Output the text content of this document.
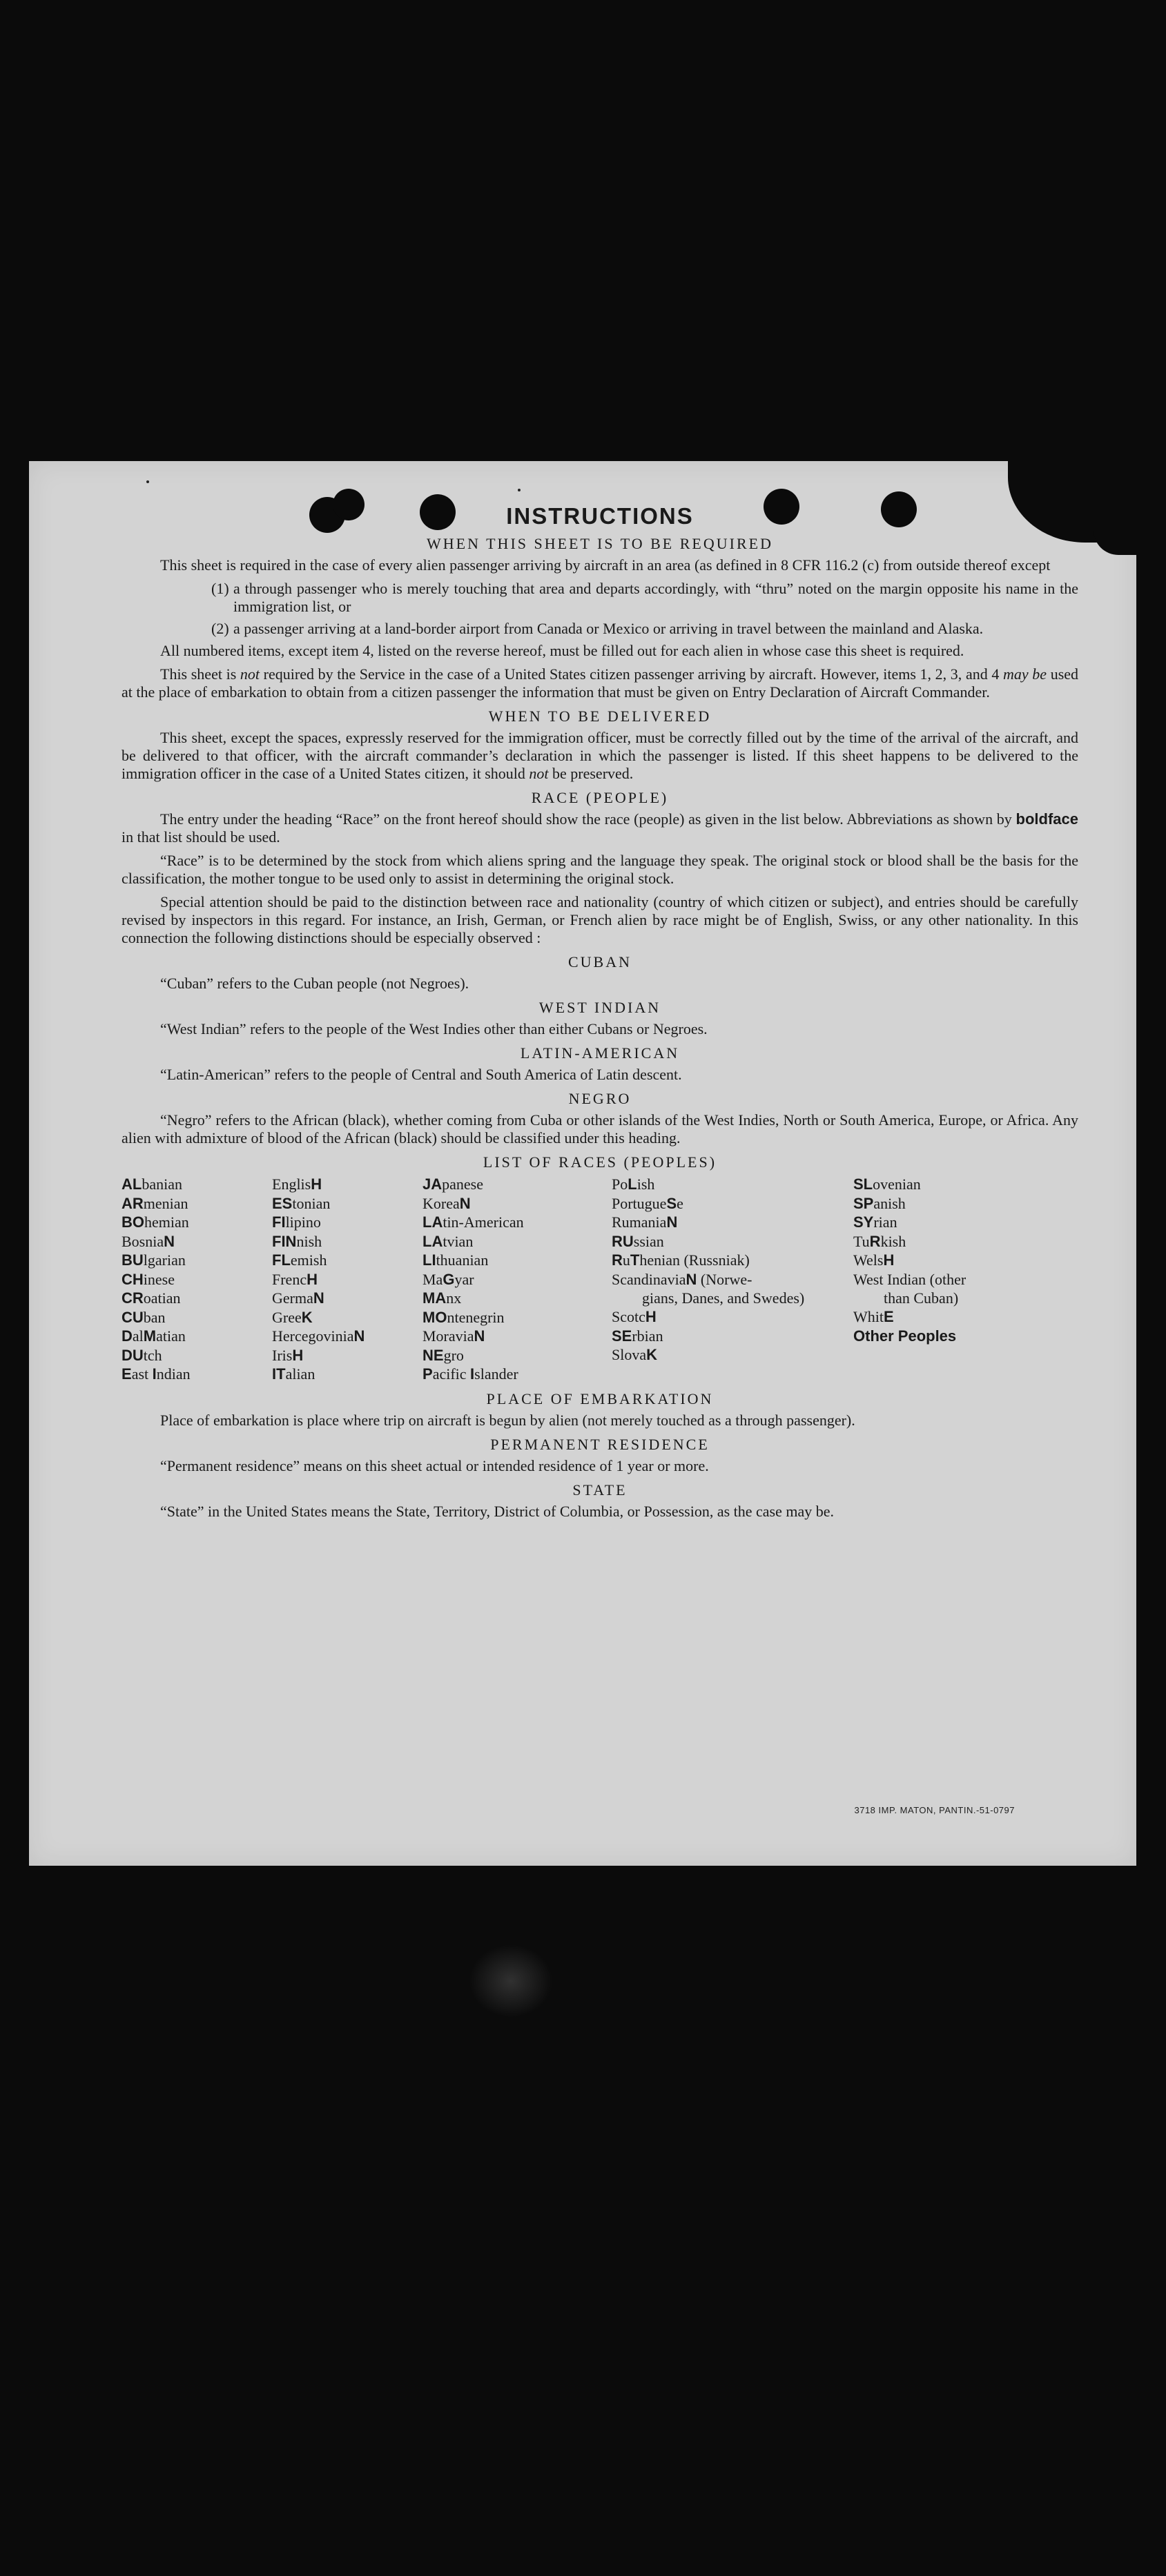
INSTRUCTIONS
WHEN THIS SHEET IS TO BE REQUIRED

This sheet is required in the case of every alien passenger arriving by aircraft in an area (as defined in 8 CFR 116.2 (c) from outside thereof except

(1) a through passenger who is merely touching that area and departs accordingly, with “thru” noted on the margin opposite his name in the immigration list, or
(2) a passenger arriving at a land-border airport from Canada or Mexico or arriving in travel between the mainland and Alaska.

All numbered items, except item 4, listed on the reverse hereof, must be filled out for each alien in whose case this sheet is required.

This sheet is not required by the Service in the case of a United States citizen passenger arriving by aircraft. However, items 1, 2, 3, and 4 may be used at the place of embarkation to obtain from a citizen passenger the information that must be given on Entry Declaration of Aircraft Commander.

WHEN TO BE DELIVERED

This sheet, except the spaces, expressly reserved for the immigration officer, must be correctly filled out by the time of the arrival of the aircraft, and be delivered to that officer, with the aircraft commander’s declaration in which the passenger is listed. If this sheet happens to be delivered to the immigration officer in the case of a United States citizen, it should not be preserved.

RACE (PEOPLE)

The entry under the heading “Race” on the front hereof should show the race (people) as given in the list below. Abbreviations as shown by boldface in that list should be used.

“Race” is to be determined by the stock from which aliens spring and the language they speak. The original stock or blood shall be the basis for the classification, the mother tongue to be used only to assist in determining the original stock.

Special attention should be paid to the distinction between race and nationality (country of which citizen or subject), and entries should be carefully revised by inspectors in this regard. For instance, an Irish, German, or French alien by race might be of English, Swiss, or any other nationality. In this connection the following distinctions should be especially observed :

CUBAN

“Cuban” refers to the Cuban people (not Negroes).

WEST INDIAN

“West Indian” refers to the people of the West Indies other than either Cubans or Negroes.

LATIN-AMERICAN

“Latin-American” refers to the people of Central and South America of Latin descent.

NEGRO

“Negro” refers to the African (black), whether coming from Cuba or other islands of the West Indies, North or South America, Europe, or Africa. Any alien with admixture of blood of the African (black) should be classified under this heading.

LIST OF RACES (PEOPLES)
ALbanian
ARmenian
BOhemian
BosniaN
BUlgarian
CHinese
CRoatian
CUban
DalMatian
DUtch
East Indian
EnglisH
EStonian
FIlipino
FINnish
FLemish
FrencH
GermaN
GreeK
HercegoviniaN
IrisH
ITalian
JApanese
KoreaN
LAtin-American
LAtvian
LIthuanian
MaGyar
MAnx
MOntenegrin
MoraviaN
NEgro
Pacific Islander
PoLish
PortugueSe
RumaniaN
RUssian
RuThenian (Russniak)
ScandinaviaN (Norwe-
gians, Danes, and Swedes)
ScotcH
SErbian
SlovaK
SLovenian
SPanish
SYrian
TuRkish
WelsH
West Indian (other
than Cuban)
WhitE
Other Peoples
PLACE OF EMBARKATION

Place of embarkation is place where trip on aircraft is begun by alien (not merely touched as a through passenger).

PERMANENT RESIDENCE

“Permanent residence” means on this sheet actual or intended residence of 1 year or more.

STATE

“State” in the United States means the State, Territory, District of Columbia, or Possession, as the case may be.

3718 IMP. MATON, PANTIN.-51-0797
